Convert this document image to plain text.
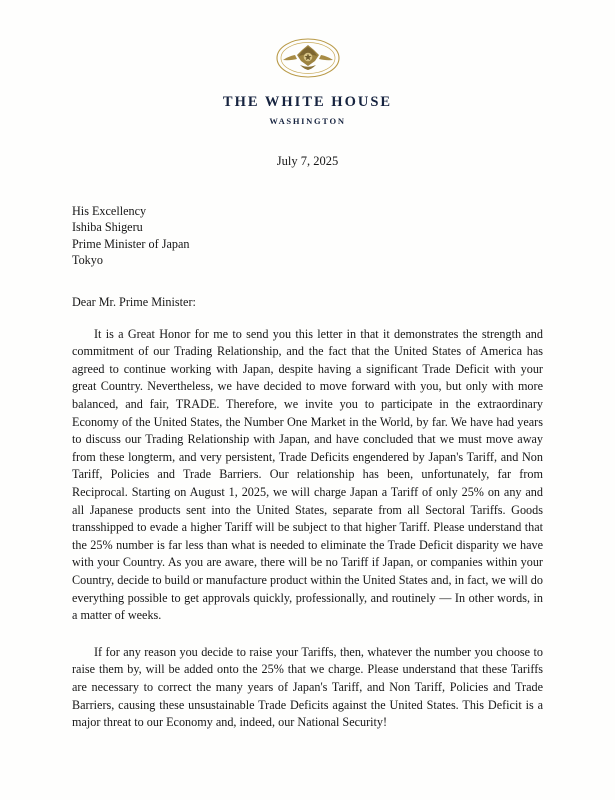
THE WHITE HOUSE
WASHINGTON
July 7, 2025
His Excellency
Ishiba Shigeru
Prime Minister of Japan
Tokyo
Dear Mr. Prime Minister:

It is a Great Honor for me to send you this letter in that it demonstrates the strength and commitment of our Trading Relationship, and the fact that the United States of America has agreed to continue working with Japan, despite having a significant Trade Deficit with your great Country. Nevertheless, we have decided to move forward with you, but only with more balanced, and fair, TRADE. Therefore, we invite you to participate in the extraordinary Economy of the United States, the Number One Market in the World, by far. We have had years to discuss our Trading Relationship with Japan, and have concluded that we must move away from these longterm, and very persistent, Trade Deficits engendered by Japan's Tariff, and Non Tariff, Policies and Trade Barriers. Our relationship has been, unfortunately, far from Reciprocal. Starting on August 1, 2025, we will charge Japan a Tariff of only 25% on any and all Japanese products sent into the United States, separate from all Sectoral Tariffs. Goods transshipped to evade a higher Tariff will be subject to that higher Tariff. Please understand that the 25% number is far less than what is needed to eliminate the Trade Deficit disparity we have with your Country. As you are aware, there will be no Tariff if Japan, or companies within your Country, decide to build or manufacture product within the United States and, in fact, we will do everything possible to get approvals quickly, professionally, and routinely — In other words, in a matter of weeks.

If for any reason you decide to raise your Tariffs, then, whatever the number you choose to raise them by, will be added onto the 25% that we charge. Please understand that these Tariffs are necessary to correct the many years of Japan's Tariff, and Non Tariff, Policies and Trade Barriers, causing these unsustainable Trade Deficits against the United States. This Deficit is a major threat to our Economy and, indeed, our National Security!
